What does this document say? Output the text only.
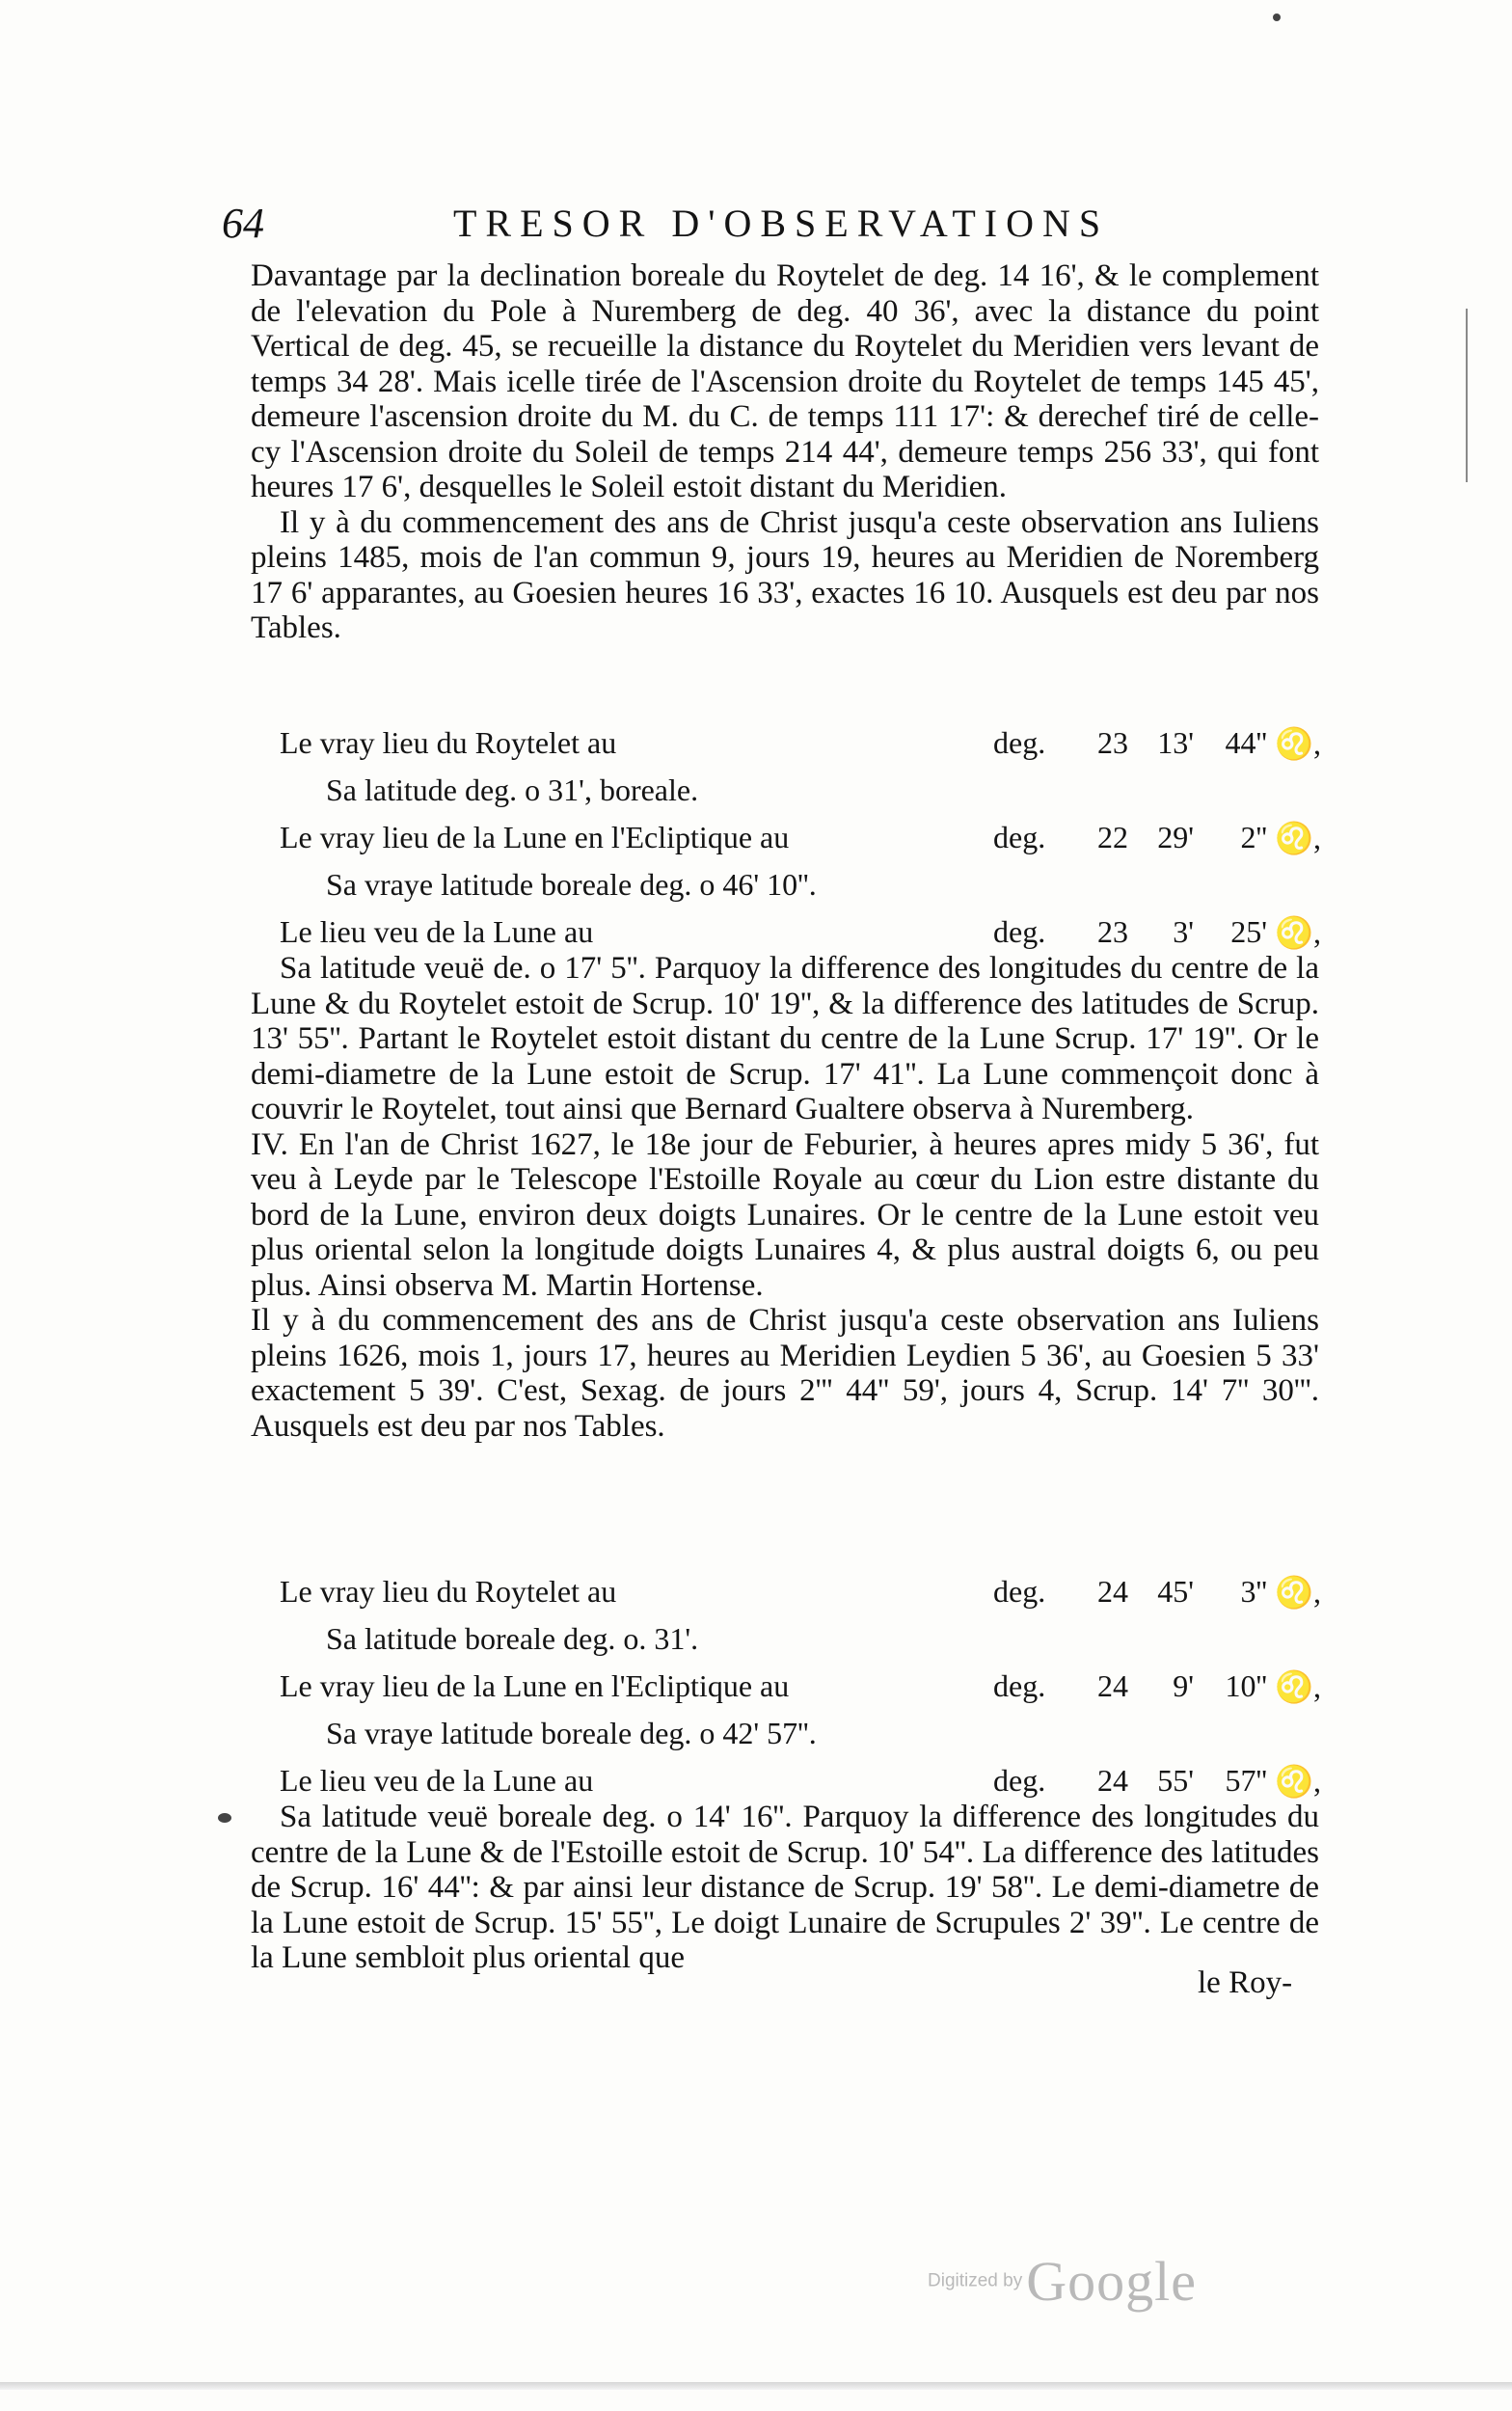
64	TRESOR D'OBSERVATIONS

Davantage par la declination boreale du Roytelet de deg. 14 16', & le complement de l'elevation du Pole à Nuremberg de deg. 40 36', avec la distance du point Vertical de deg. 45, se recueille la distance du Roytelet du Meridien vers levant de temps 34 28'. Mais icelle tirée de l'Ascension droite du Roytelet de temps 145 45', demeure l'ascension droite du M. du C. de temps 111 17': & derechef tiré de celle-cy l'Ascension droite du Soleil de temps 214 44', demeure temps 256 33', qui font heures 17 6', desquelles le Soleil estoit distant du Meridien.

Il y à du commencement des ans de Christ jusqu'a ceste observation ans Iuliens pleins 1485, mois de l'an commun 9, jours 19, heures au Meridien de Noremberg 17 6' apparantes, au Goesien heures 16 33', exactes 16 10. Ausquels est deu par nos Tables.

Le vray lieu du Roytelet au	deg.	23 13'	44'' ♌,
Sa latitude deg. o 31', boreale.
Le vray lieu de la Lune en l'Ecliptique au	deg.	22 29'	2'' ♌,
Sa vraye latitude boreale deg. o 46' 10''.
Le lieu veu de la Lune au	deg.	23	3'	25' ♌,

Sa latitude veuë de. o 17' 5''. Parquoy la difference des longitudes du centre de la Lune & du Roytelet estoit de Scrup. 10' 19'', & la difference des latitudes de Scrup. 13' 55''. Partant le Roytelet estoit distant du centre de la Lune Scrup. 17' 19''. Or le demi-diametre de la Lune estoit de Scrup. 17' 41''. La Lune commençoit donc à couvrir le Roytelet, tout ainsi que Bernard Gualtere observa à Nuremberg.

IV. En l'an de Christ 1627, le 18e jour de Feburier, à heures apres midy 5 36', fut veu à Leyde par le Telescope l'Estoille Royale au cœur du Lion estre distante du bord de la Lune, environ deux doigts Lunaires. Or le centre de la Lune estoit veu plus oriental selon la longitude doigts Lunaires 4, & plus austral doigts 6, ou peu plus. Ainsi observa M. Martin Hortense.

Il y à du commencement des ans de Christ jusqu'a ceste observation ans Iuliens pleins 1626, mois 1, jours 17, heures au Meridien Leydien 5 36', au Goesien 5 33' exactement 5 39'. C'est, Sexag. de jours 2''' 44'' 59', jours 4, Scrup. 14' 7'' 30'''. Ausquels est deu par nos Tables.

Le vray lieu du Roytelet au	deg.	24 45'	3'' ♌,
Sa latitude boreale deg. o. 31'.
Le vray lieu de la Lune en l'Ecliptique au	deg.	24	9'	10'' ♌,
Sa vraye latitude boreale deg. o 42' 57''.
Le lieu veu de la Lune au	deg.	24 55'	57'' ♌,

Sa latitude veuë boreale deg. o 14' 16''. Parquoy la difference des longitudes du centre de la Lune & de l'Estoille estoit de Scrup. 10' 54''. La difference des latitudes de Scrup. 16' 44'': & par ainsi leur distance de Scrup. 19' 58''. Le demi-diametre de la Lune estoit de Scrup. 15' 55'', Le doigt Lunaire de Scrupules 2' 39''. Le centre de la Lune sembloit plus oriental que

le Roy-
Digitized by Google
